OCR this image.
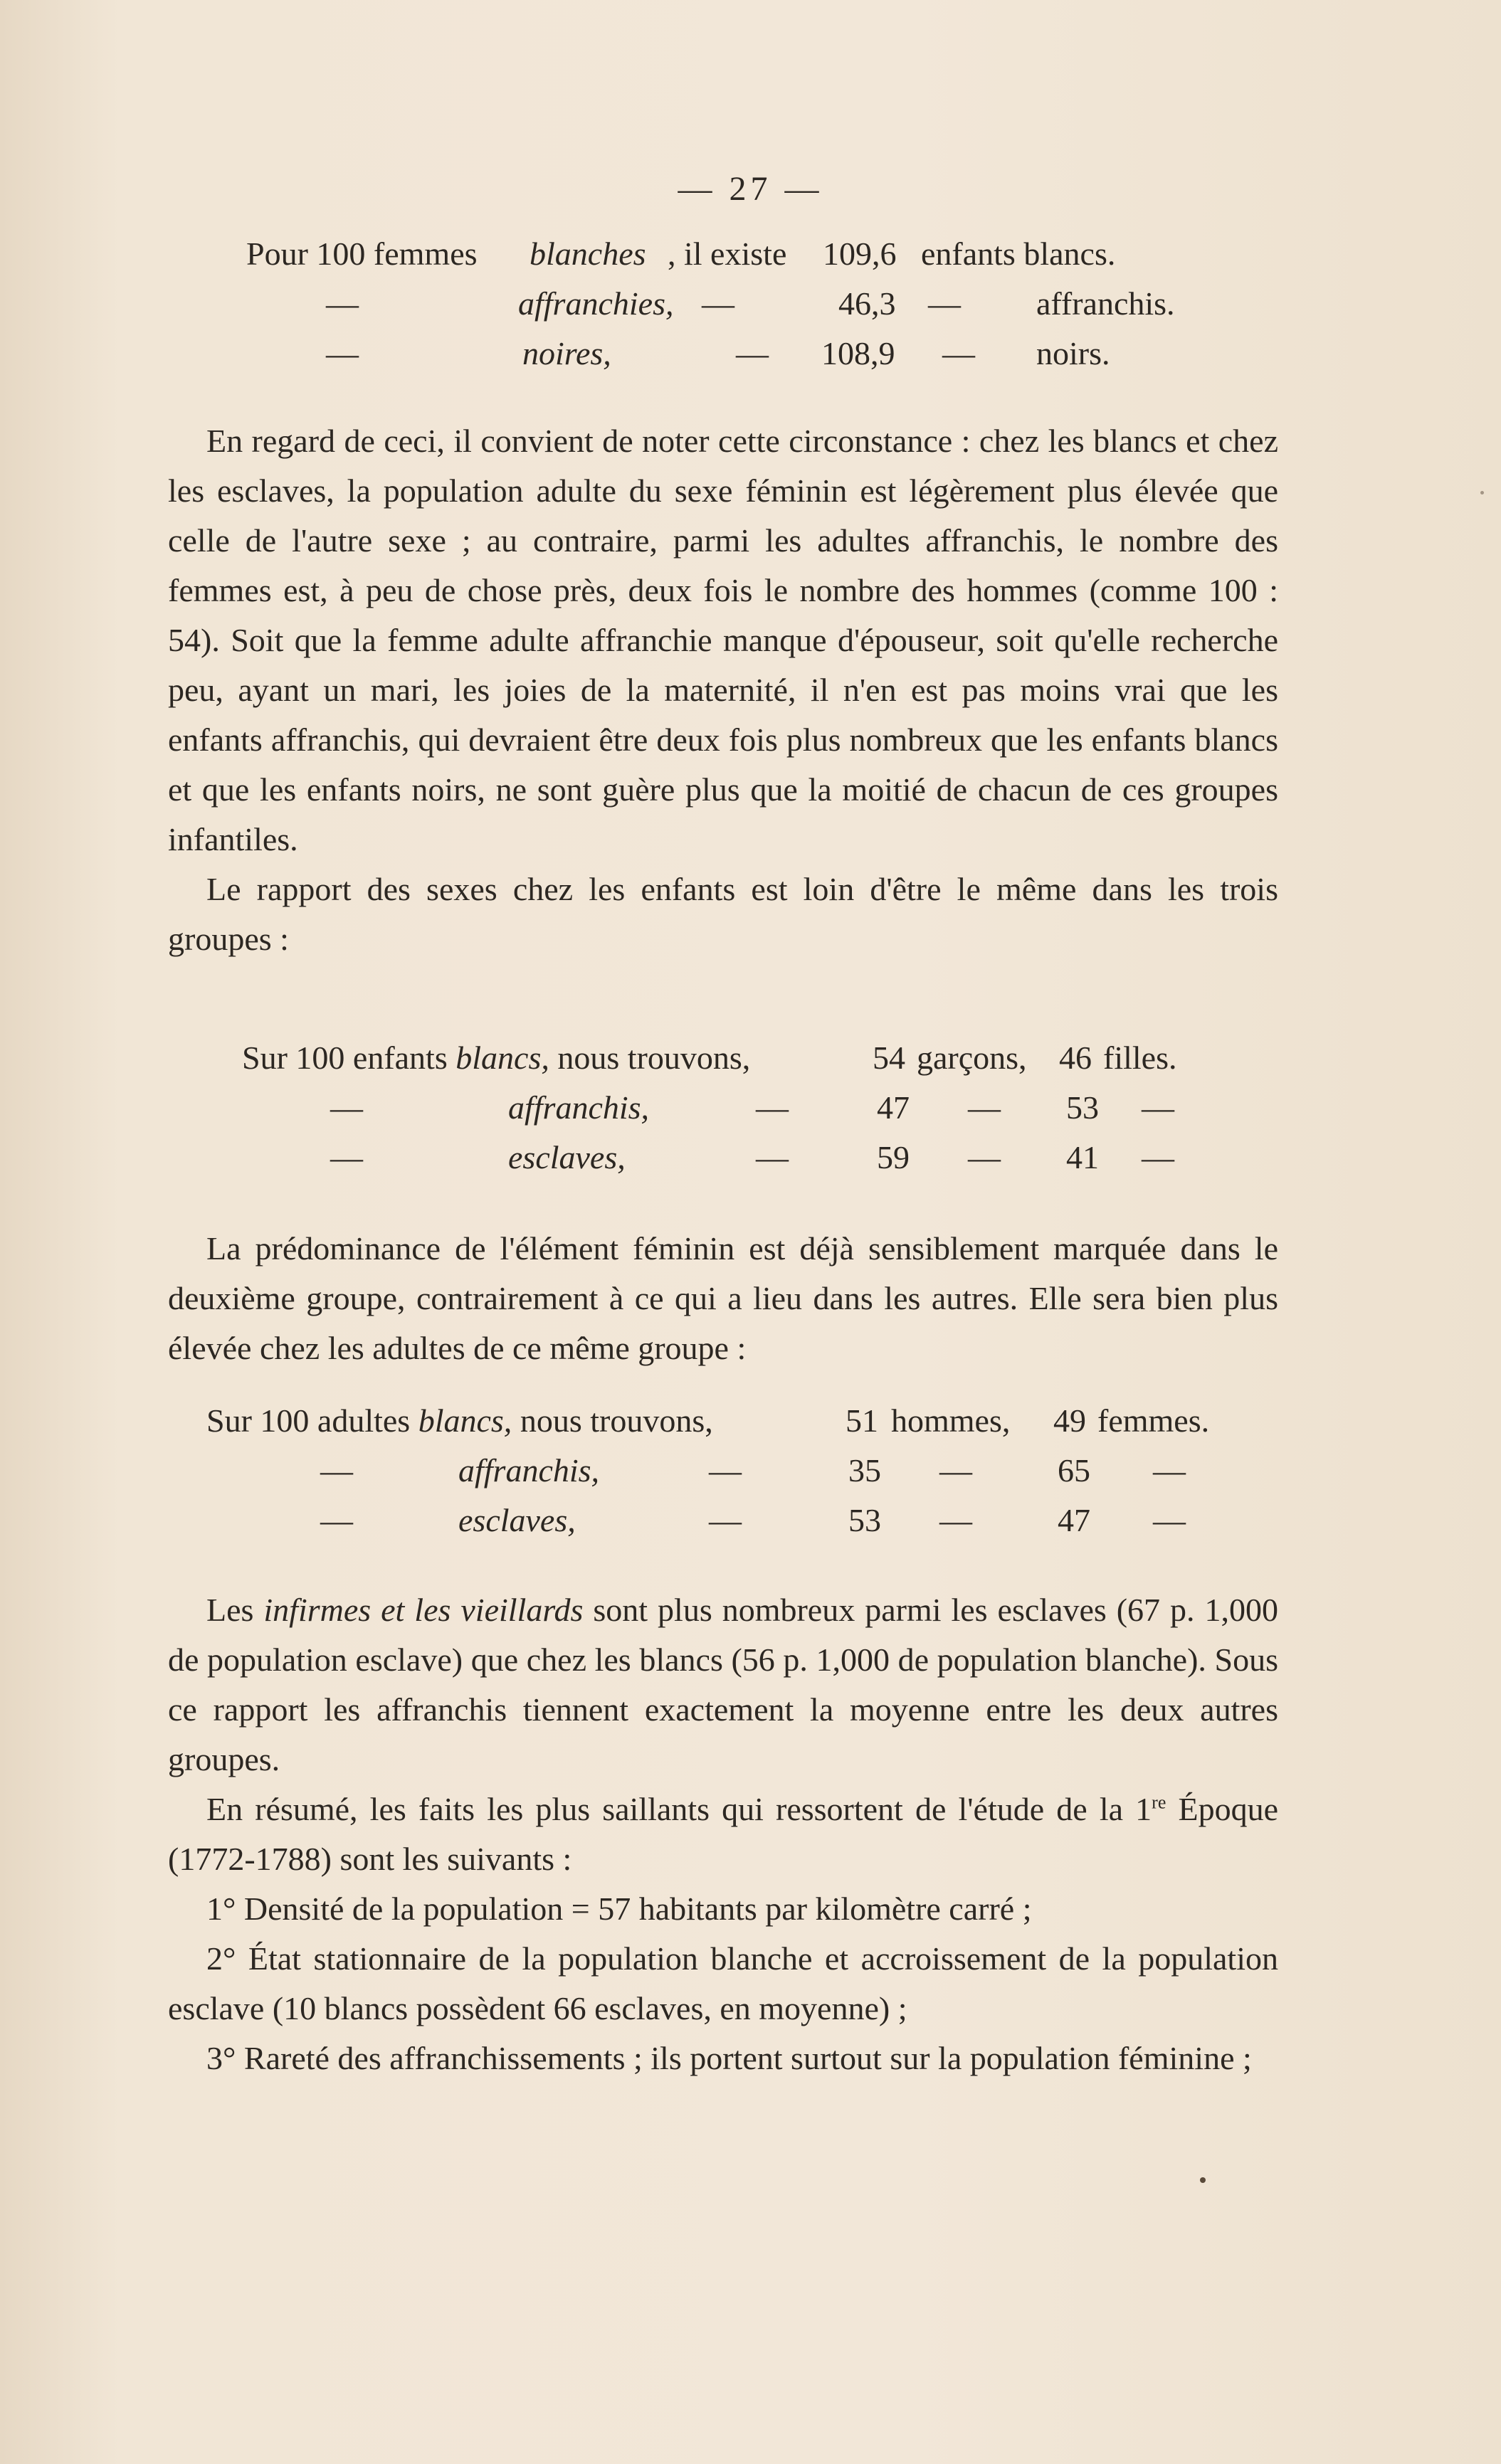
— 27 —
Pour 100 femmes blanches , il existe 109,6 enfants blancs.
—	affranchies, —	46,3 — affranchis.
—	noires,	— 108,9 — noirs.

En regard de ceci, il convient de noter cette circonstance : chez les blancs et chez les esclaves, la population adulte du sexe féminin est légèrement plus élevée que celle de l'autre sexe ; au contraire, parmi les adultes affranchis, le nombre des femmes est, à peu de chose près, deux fois le nombre des hommes (comme 100 : 54). Soit que la femme adulte affranchie manque d'épouseur, soit qu'elle recherche peu, ayant un mari, les joies de la maternité, il n'en est pas moins vrai que les enfants affranchis, qui devraient être deux fois plus nombreux que les enfants blancs et que les enfants noirs, ne sont guère plus que la moitié de chacun de ces groupes infantiles.

Le rapport des sexes chez les enfants est loin d'être le même dans les trois groupes :

Sur 100 enfants blancs, nous trouvons,	54 garçons, 46 filles.
—	affranchis,	—	47 — 53 —
—	esclaves,	—	59 — 41 —

La prédominance de l'élément féminin est déjà sensiblement marquée dans le deuxième groupe, contrairement à ce qui a lieu dans les autres. Elle sera bien plus élevée chez les adultes de ce même groupe :

Sur 100 adultes blancs, nous trouvons,	51 hommes, 49 femmes.
—	affranchis,	—	35 —	65 —
—	esclaves,	—	53 —	47 —

Les infirmes et les vieillards sont plus nombreux parmi les esclaves (67 p. 1,000 de population esclave) que chez les blancs (56 p. 1,000 de population blanche). Sous ce rapport les affranchis tiennent exactement la moyenne entre les deux autres groupes.

En résumé, les faits les plus saillants qui ressortent de l'étude de la 1re Époque (1772-1788) sont les suivants :

1° Densité de la population = 57 habitants par kilomètre carré ;

2° État stationnaire de la population blanche et accroissement de la population esclave (10 blancs possèdent 66 esclaves, en moyenne) ;

3° Rareté des affranchissements ; ils portent surtout sur la population féminine ;
